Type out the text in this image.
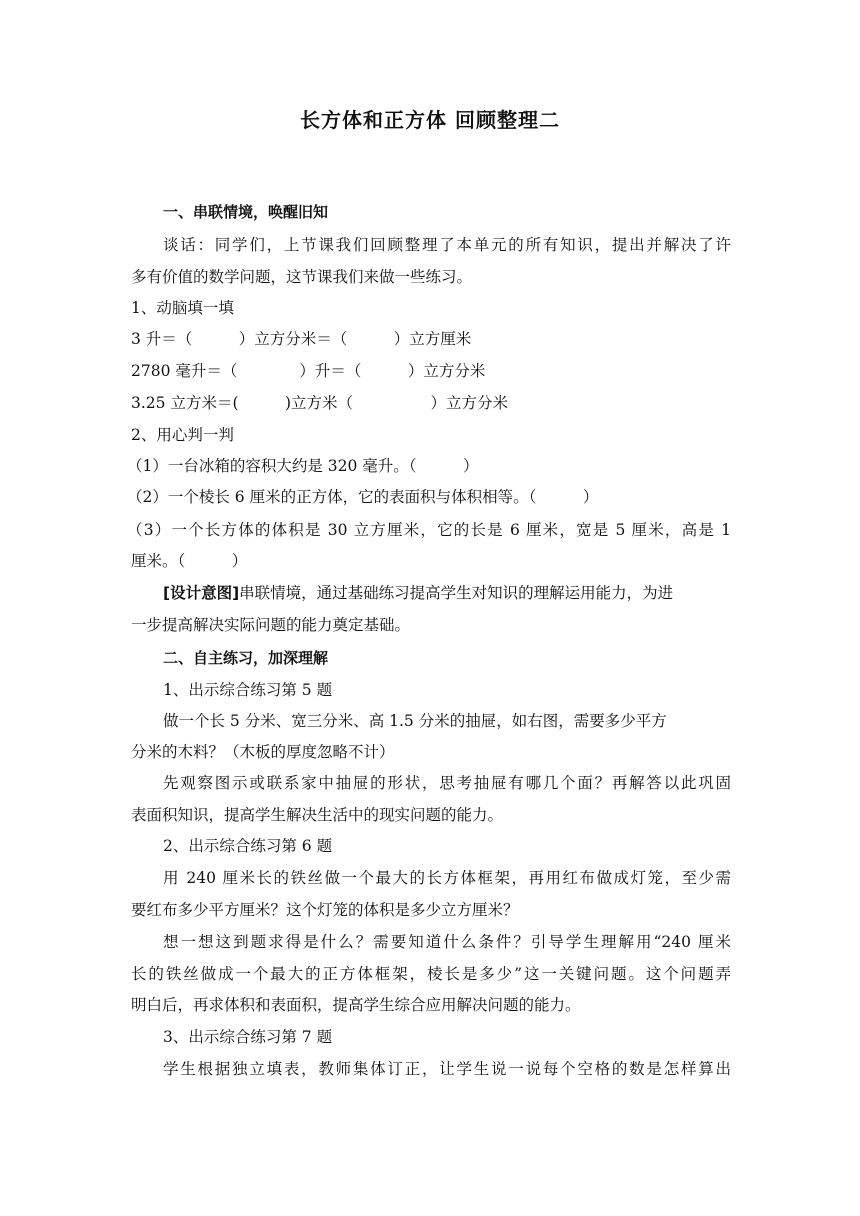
长方体和正方体 回顾整理二
一、串联情境，唤醒旧知
谈话：同学们，上节课我们回顾整理了本单元的所有知识，提出并解决了许
多有价值的数学问题，这节课我们来做一些练习。
1、动脑填一填
3 升＝（　　　）立方分米＝（　　　）立方厘米
2780 毫升＝（　　　　）升＝（　　　）立方分米
3.25 立方米＝(　　　)立方米（　　　　　）立方分米
2、用心判一判
（1）一台冰箱的容积大约是 320 毫升。（　　　）
（2）一个棱长 6 厘米的正方体，它的表面积与体积相等。（　　　）
（3）一个长方体的体积是 30 立方厘米，它的长是 6 厘米，宽是 5 厘米，高是 1
厘米。（　　　）
[设计意图]串联情境，通过基础练习提高学生对知识的理解运用能力，为进
一步提高解决实际问题的能力奠定基础。
二、自主练习，加深理解
1、出示综合练习第 5 题
做一个长 5 分米、宽三分米、高 1.5 分米的抽屉，如右图，需要多少平方
分米的木料？（木板的厚度忽略不计）
先观察图示或联系家中抽屉的形状，思考抽屉有哪几个面？再解答以此巩固
表面积知识，提高学生解决生活中的现实问题的能力。
2、出示综合练习第 6 题
用 240 厘米长的铁丝做一个最大的长方体框架，再用红布做成灯笼，至少需
要红布多少平方厘米？这个灯笼的体积是多少立方厘米？
想一想这到题求得是什么？需要知道什么条件？引导学生理解用“240 厘米
长的铁丝做成一个最大的正方体框架，棱长是多少”这一关键问题。这个问题弄
明白后，再求体积和表面积，提高学生综合应用解决问题的能力。
3、出示综合练习第 7 题
学生根据独立填表，教师集体订正，让学生说一说每个空格的数是怎样算出
